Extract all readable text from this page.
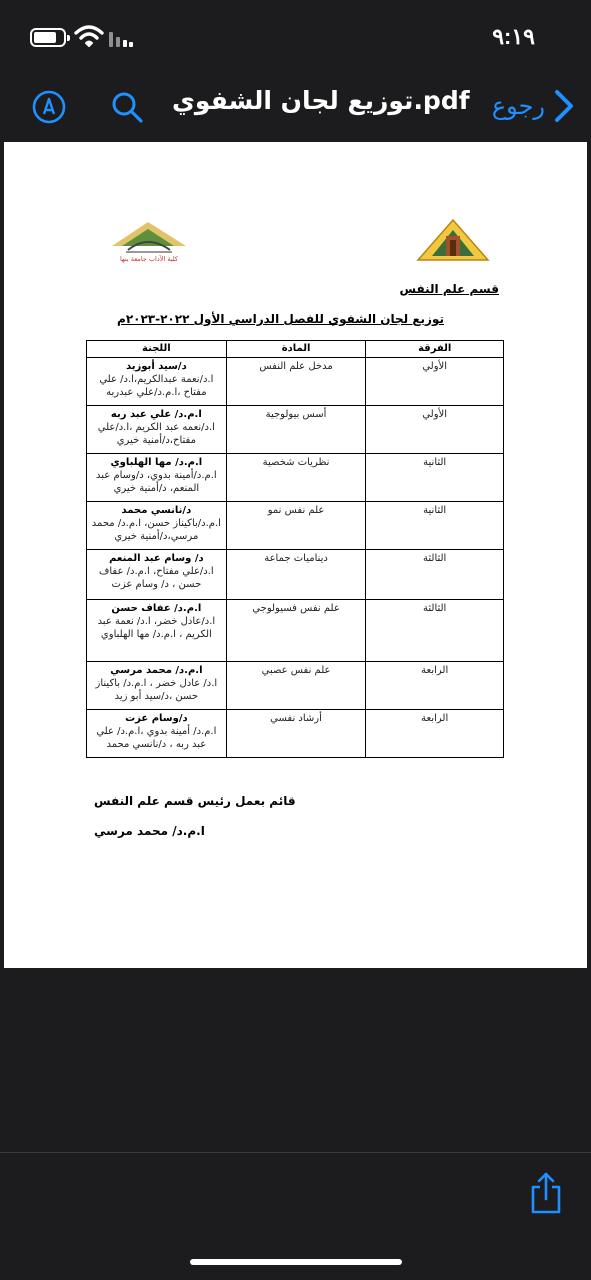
٩:١٩
توزيع لجان الشفوي.pdf رجوع
كلية الآداب جامعة بنها
قسم علم النفس
توزيع لجان الشفوي للفصل الدراسي الأول ٢٠٢٢-٢٠٢٣م
الفرقة	المادة	اللجنة
الأولي	مدخل علم النفس	د/سيد أبوزيد
ا.د/نعمة عبدالكريم،ا.د/ علي مفتاح ،ا.م.د/علي عبدربه

الأولي	أسس بيولوجية	ا.م.د/ علي عبد ربه
ا.د/نعمه عبد الكريم ،ا.د/علي مفتاح،د/أمنية خيري

الثانية	نظريات شخصية	ا.م.د/ مها الهلباوي
ا.م.د/أمينة بدوي، د/وسام عبد المنعم، د/أمنية خيري

الثانية	علم نفس نمو	د/نانسي محمد
ا.م.د/باكيناز حسن، ا.م.د/ محمد مرسي،د/أمنية خيري

الثالثة	ديناميات جماعة	د/ وسام عبد المنعم
ا.د/علي مفتاح، ا.م.د/ عفاف حسن ، د/ وسام عزت

الثالثة	علم نفس فسيولوجي	ا.م.د/ عفاف حسن
ا.د/عادل خضر، ا.د/ نعمة عبد الكريم ، ا.م.د/ مها الهلباوي

الرابعة	علم نفس عصبي	ا.م.د/ محمد مرسي
ا.د/ عادل خضر ، ا.م.د/ باكيناز حسن ،د/سيد أبو زيد

الرابعة	أرشاد نفسي	د/وسام عزت
ا.م.د/ أمينة بدوي ،ا.م.د/ علي عبد ربه ، د/نانسي محمد
قائم بعمل رئيس قسم علم النفس
ا.م.د/ محمد مرسي
